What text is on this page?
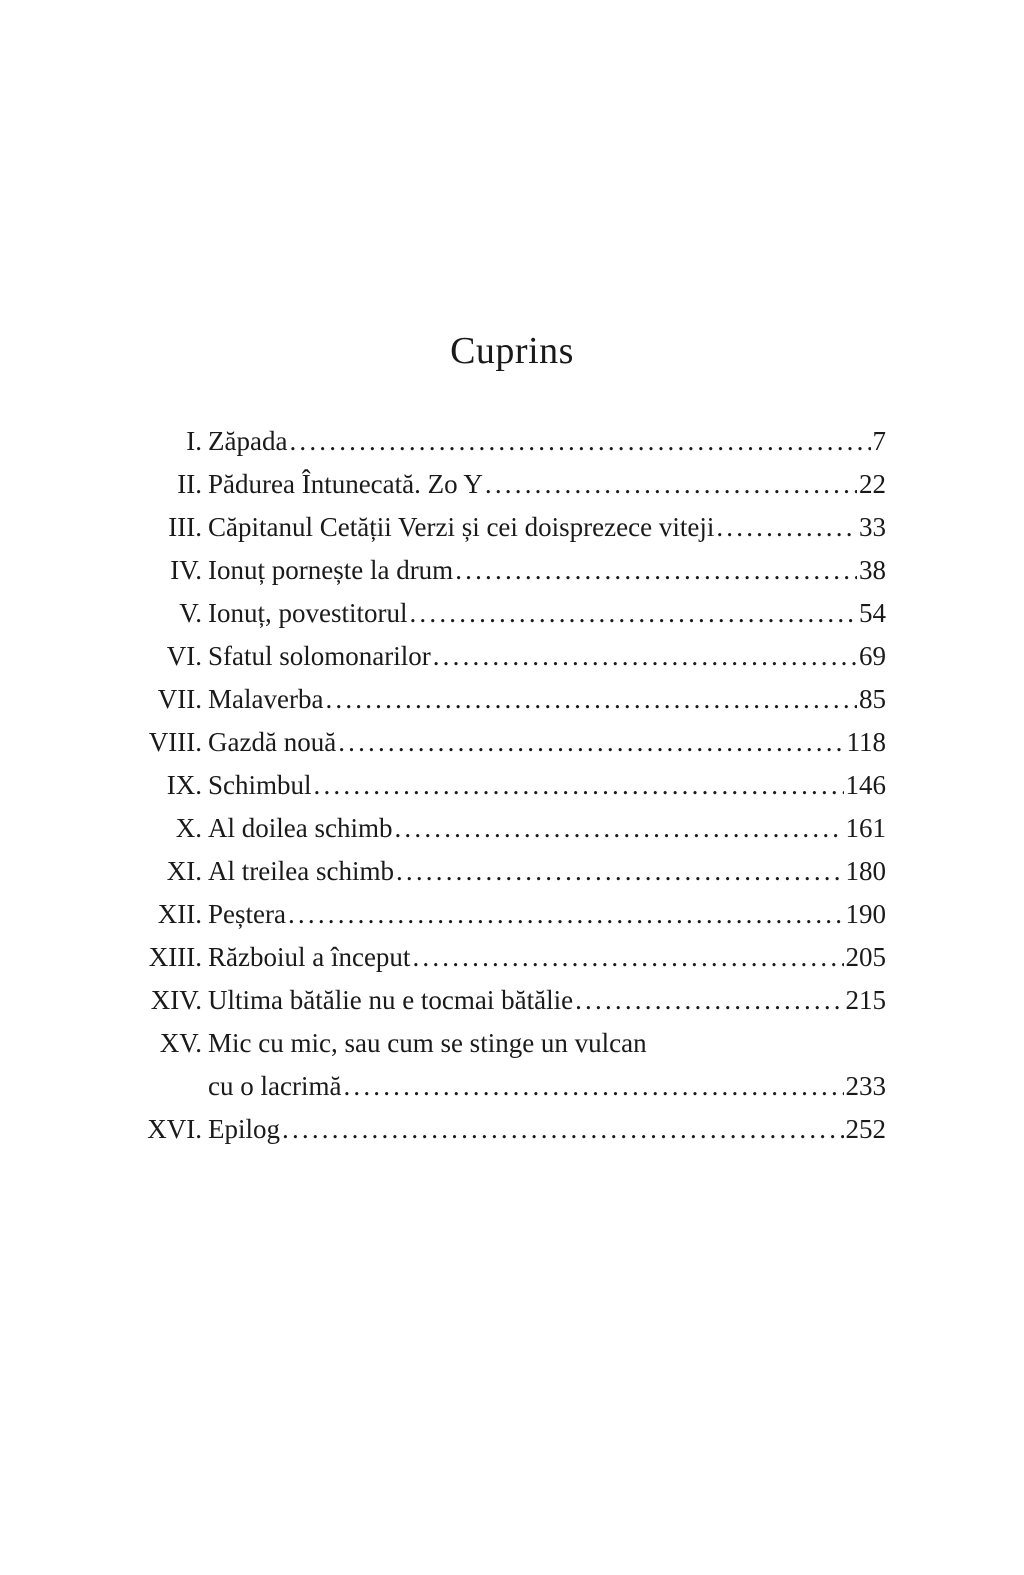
Cuprins
I. Zăpada .....	7
II. Pădurea Întunecată. Zo Y .....	22
III. Căpitanul Cetății Verzi și cei doisprezece viteji .....	33
IV. Ionuț pornește la drum .....	38
V. Ionuț, povestitorul .....	54
VI. Sfatul solomonarilor .....	69
VII. Malaverba .....	85
VIII. Gazdă nouă .....	118
IX. Schimbul .....	146
X. Al doilea schimb .....	161
XI. Al treilea schimb .....	180
XII. Peștera .....	190
XIII. Războiul a început .....	205
XIV. Ultima bătălie nu e tocmai bătălie .....	215
XV. Mic cu mic, sau cum se stinge un vulcan
cu o lacrimă .....	233
XVI. Epilog .....	252
